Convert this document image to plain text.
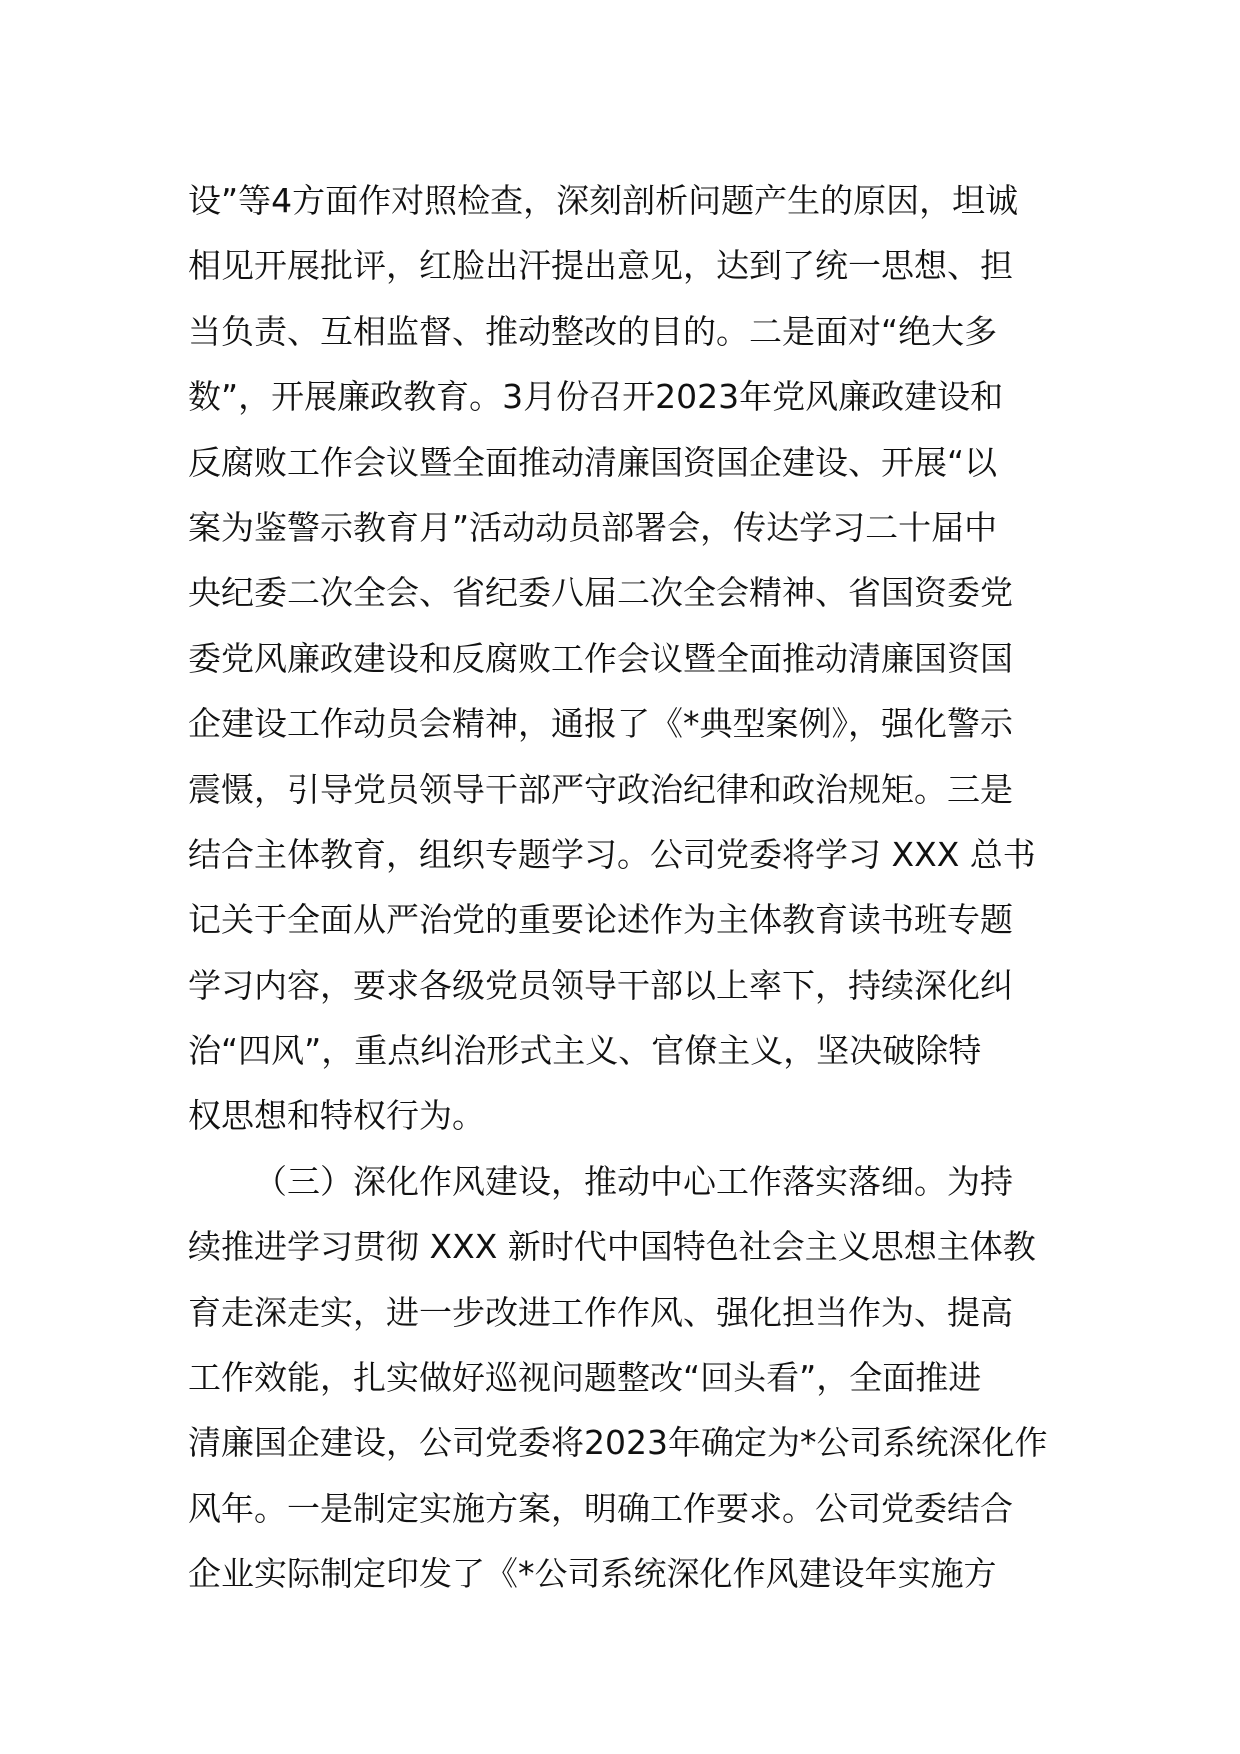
设”等4方面作对照检查，深刻剖析问题产生的原因，坦诚
相见开展批评，红脸出汗提出意见，达到了统一思想、担
当负责、互相监督、推动整改的目的。二是面对“绝大多
数”，开展廉政教育。3月份召开2023年党风廉政建设和
反腐败工作会议暨全面推动清廉国资国企建设、开展“以
案为鉴警示教育月”活动动员部署会，传达学习二十届中
央纪委二次全会、省纪委八届二次全会精神、省国资委党
委党风廉政建设和反腐败工作会议暨全面推动清廉国资国
企建设工作动员会精神，通报了《*典型案例》，强化警示
震慑，引导党员领导干部严守政治纪律和政治规矩。三是
结合主体教育，组织专题学习。公司党委将学习 XXX 总书
记关于全面从严治党的重要论述作为主体教育读书班专题
学习内容，要求各级党员领导干部以上率下，持续深化纠
治“四风”，重点纠治形式主义、官僚主义，坚决破除特
权思想和特权行为。
（三）深化作风建设，推动中心工作落实落细。为持
续推进学习贯彻 XXX 新时代中国特色社会主义思想主体教
育走深走实，进一步改进工作作风、强化担当作为、提高
工作效能，扎实做好巡视问题整改“回头看”，全面推进
清廉国企建设，公司党委将2023年确定为*公司系统深化作
风年。一是制定实施方案，明确工作要求。公司党委结合
企业实际制定印发了《*公司系统深化作风建设年实施方
